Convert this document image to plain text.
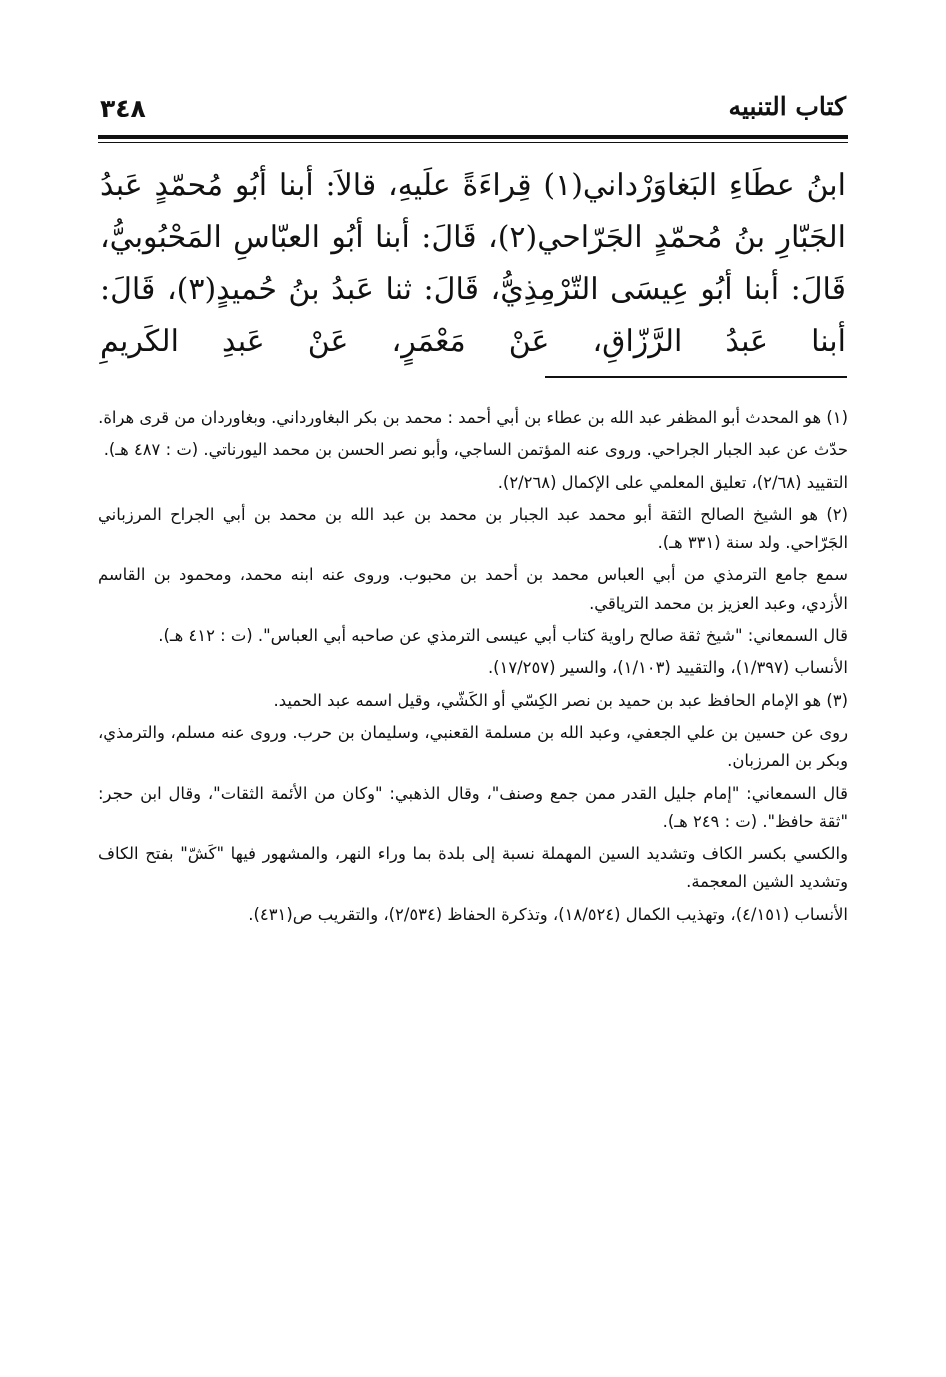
كتاب التنبيه
٣٤٨

ابنُ عطَاءِ البَغاوَرْداني(١) قِراءَةً علَيهِ، قالاَ: أبنا أبُو مُحمّدٍ عَبدُ الجَبّارِ بنُ مُحمّدٍ الجَرّاحي(٢)، قَالَ: أبنا أبُو العبّاسِ المَحْبُوبيُّ، قَالَ: أبنا أبُو عِيسَى التّرْمِذِيُّ، قَالَ: ثنا عَبدُ بنُ حُميدٍ(٣)، قَالَ: أبنا عَبدُ الرَّزّاقِ، عَنْ مَعْمَرٍ، عَنْ عَبدِ الكَريمِ

(١) هو المحدث أبو المظفر عبد الله بن عطاء بن أبي أحمد : محمد بن بكر البغاورداني. وبغاوردان من قرى هراة.

حدّث عن عبد الجبار الجراحي. وروى عنه المؤتمن الساجي، وأبو نصر الحسن بن محمد اليورناتي. (ت : ٤٨٧ هـ).

التقييد (٢/٦٨)، تعليق المعلمي على الإكمال (٢/٢٦٨).

(٢) هو الشيخ الصالح الثقة أبو محمد عبد الجبار بن محمد بن عبد الله بن محمد بن أبي الجراح المرزباني الجَرّاحي. ولد سنة (٣٣١ هـ).

سمع جامع الترمذي من أبي العباس محمد بن أحمد بن محبوب. وروى عنه ابنه محمد، ومحمود بن القاسم الأزدي، وعبد العزيز بن محمد الترياقي.

قال السمعاني: "شيخ ثقة صالح راوية كتاب أبي عيسى الترمذي عن صاحبه أبي العباس". (ت : ٤١٢ هـ).

الأنساب (١/٣٩٧)، والتقييد (١/١٠٣)، والسير (١٧/٢٥٧).

(٣) هو الإمام الحافظ عبد بن حميد بن نصر الكِسّي أو الكَشّي، وقيل اسمه عبد الحميد.

روى عن حسين بن علي الجعفي، وعبد الله بن مسلمة القعنبي، وسليمان بن حرب. وروى عنه مسلم، والترمذي، وبكر بن المرزبان.

قال السمعاني: "إمام جليل القدر ممن جمع وصنف"، وقال الذهبي: "وكان من الأئمة الثقات"، وقال ابن حجر: "ثقة حافظ". (ت : ٢٤٩ هـ).

والكسي بكسر الكاف وتشديد السين المهملة نسبة إلى بلدة بما وراء النهر، والمشهور فيها "كَشّ" بفتح الكاف وتشديد الشين المعجمة.

الأنساب (٤/١٥١)، وتهذيب الكمال (١٨/٥٢٤)، وتذكرة الحفاظ (٢/٥٣٤)، والتقريب ص(٤٣١).
